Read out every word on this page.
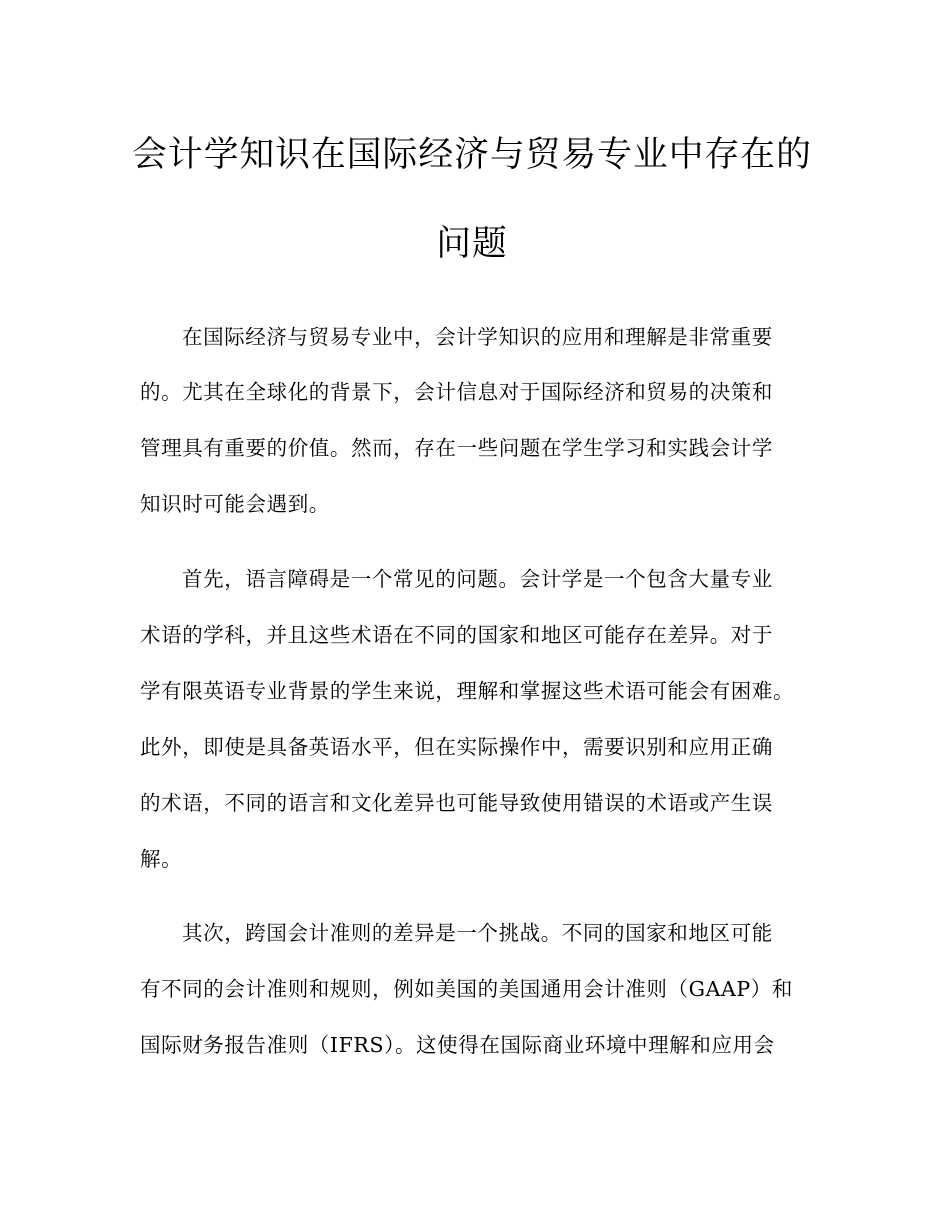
会计学知识在国际经济与贸易专业中存在的
问题
在国际经济与贸易专业中，会计学知识的应用和理解是非常重要
的。尤其在全球化的背景下，会计信息对于国际经济和贸易的决策和
管理具有重要的价值。然而，存在一些问题在学生学习和实践会计学
知识时可能会遇到。
首先，语言障碍是一个常见的问题。会计学是一个包含大量专业
术语的学科，并且这些术语在不同的国家和地区可能存在差异。对于
学有限英语专业背景的学生来说，理解和掌握这些术语可能会有困难。
此外，即使是具备英语水平，但在实际操作中，需要识别和应用正确
的术语，不同的语言和文化差异也可能导致使用错误的术语或产生误
解。
其次，跨国会计准则的差异是一个挑战。不同的国家和地区可能
有不同的会计准则和规则，例如美国的美国通用会计准则（GAAP）和
国际财务报告准则（IFRS）。这使得在国际商业环境中理解和应用会
